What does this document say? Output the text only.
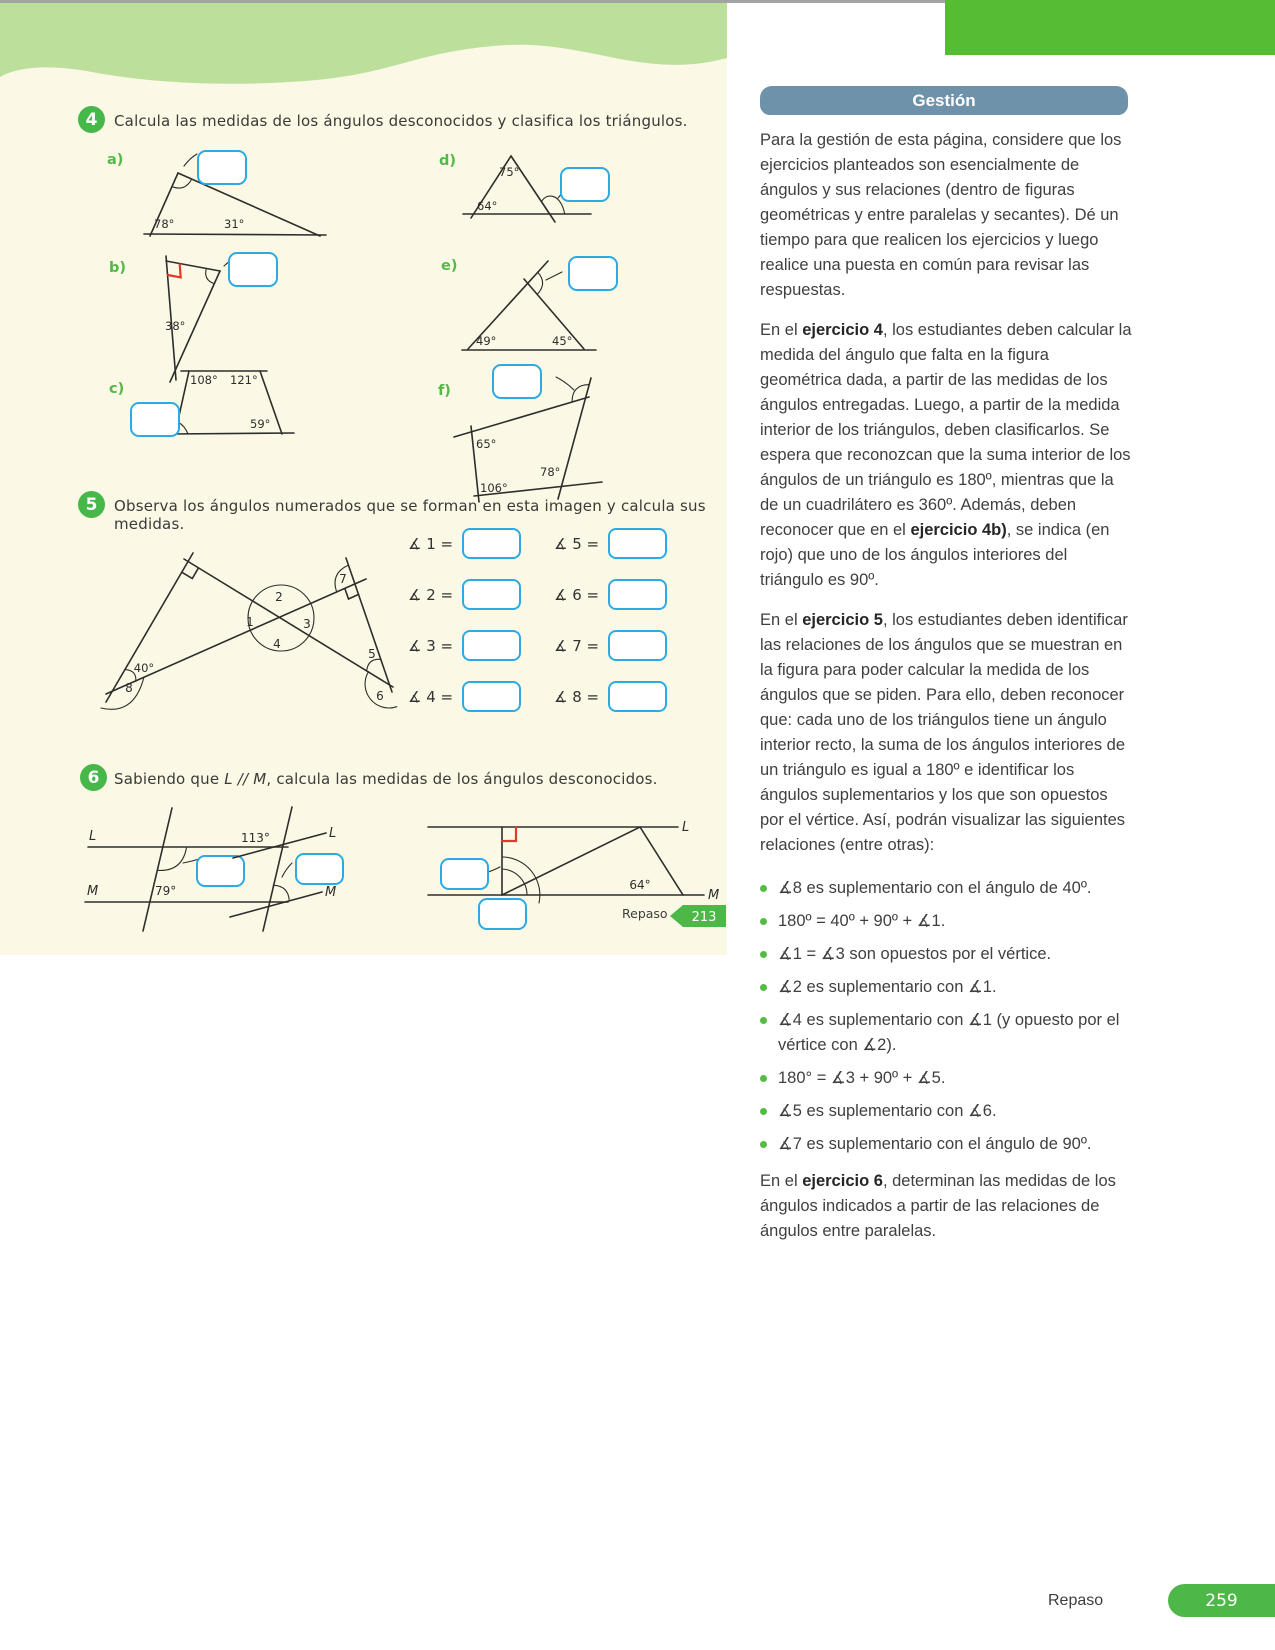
4 Calcula las medidas de los ángulos desconocidos y clasifica los triángulos.
a)
78°	31°
b)
38°
c)
108° 121°
59°
d)
75°
64°
e)
49°	45°
f)
65°
106°
78°
5 Observa los ángulos numerados que se forman en esta imagen y calcula sus medidas.
1
2
3
4
5
6
7
8
40°
∡ 1 =	∡ 5 =
∡ 2 =	∡ 6 =
∡ 3 =	∡ 7 =
∡ 4 =	∡ 8 =
6 Sabiendo que L // M, calcula las medidas de los ángulos desconocidos.
L
M	79°
113°	L
M
L
M
64°
Repaso 213
Gestión
Para la gestión de esta página, considere que los ejercicios planteados son esencialmente de ángulos y sus relaciones (dentro de figuras geométricas y entre paralelas y secantes). Dé un tiempo para que realicen los ejercicios y luego realice una puesta en común para revisar las respuestas.
En el ejercicio 4, los estudiantes deben calcular la medida del ángulo que falta en la figura geométrica dada, a partir de las medidas de los ángulos entregadas. Luego, a partir de la medida interior de los triángulos, deben clasificarlos. Se espera que reconozcan que la suma interior de los ángulos de un triángulo es 180º, mientras que la de un cuadrilátero es 360º. Además, deben reconocer que en el ejercicio 4b), se indica (en rojo) que uno de los ángulos interiores del triángulo es 90º.
En el ejercicio 5, los estudiantes deben identificar las relaciones de los ángulos que se muestran en la figura para poder calcular la medida de los ángulos que se piden. Para ello, deben reconocer que: cada uno de los triángulos tiene un ángulo interior recto, la suma de los ángulos interiores de un triángulo es igual a 180º e identificar los ángulos suplementarios y los que son opuestos por el vértice. Así, podrán visualizar las siguientes relaciones (entre otras):
∡8 es suplementario con el ángulo de 40º.
180º = 40º + 90º + ∡1.
∡1 = ∡3 son opuestos por el vértice.
∡2 es suplementario con ∡1.
∡4 es suplementario con ∡1 (y opuesto por el vértice con ∡2).
180° = ∡3 + 90º + ∡5.
∡5 es suplementario con ∡6.
∡7 es suplementario con el ángulo de 90º.
En el ejercicio 6, determinan las medidas de los ángulos indicados a partir de las relaciones de ángulos entre paralelas.
Repaso	259
